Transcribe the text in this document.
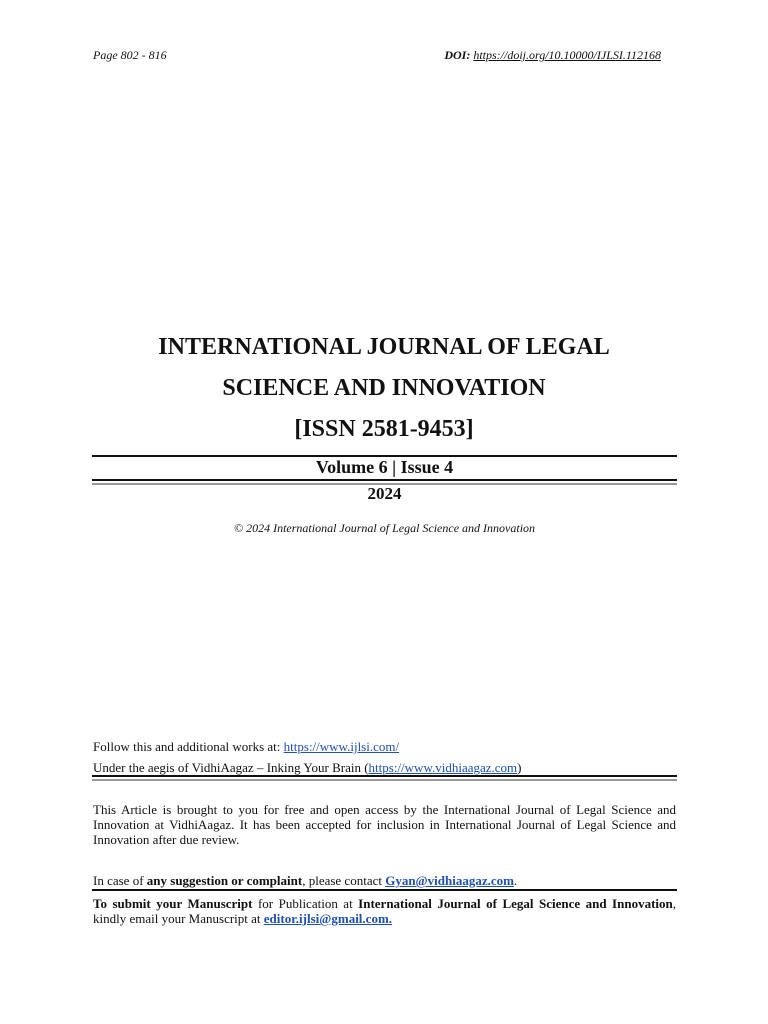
Page 802 - 816	DOI: https://doij.org/10.10000/IJLSI.112168
INTERNATIONAL JOURNAL OF LEGAL
SCIENCE AND INNOVATION
[ISSN 2581-9453]
Volume 6 | Issue 4
2024
© 2024 International Journal of Legal Science and Innovation
Follow this and additional works at: https://www.ijlsi.com/
Under the aegis of VidhiAagaz – Inking Your Brain (https://www.vidhiaagaz.com)
This Article is brought to you for free and open access by the International Journal of Legal Science and Innovation at VidhiAagaz. It has been accepted for inclusion in International Journal of Legal Science and Innovation after due review.
In case of any suggestion or complaint, please contact Gyan@vidhiaagaz.com.
To submit your Manuscript for Publication at International Journal of Legal Science and Innovation, kindly email your Manuscript at editor.ijlsi@gmail.com.
